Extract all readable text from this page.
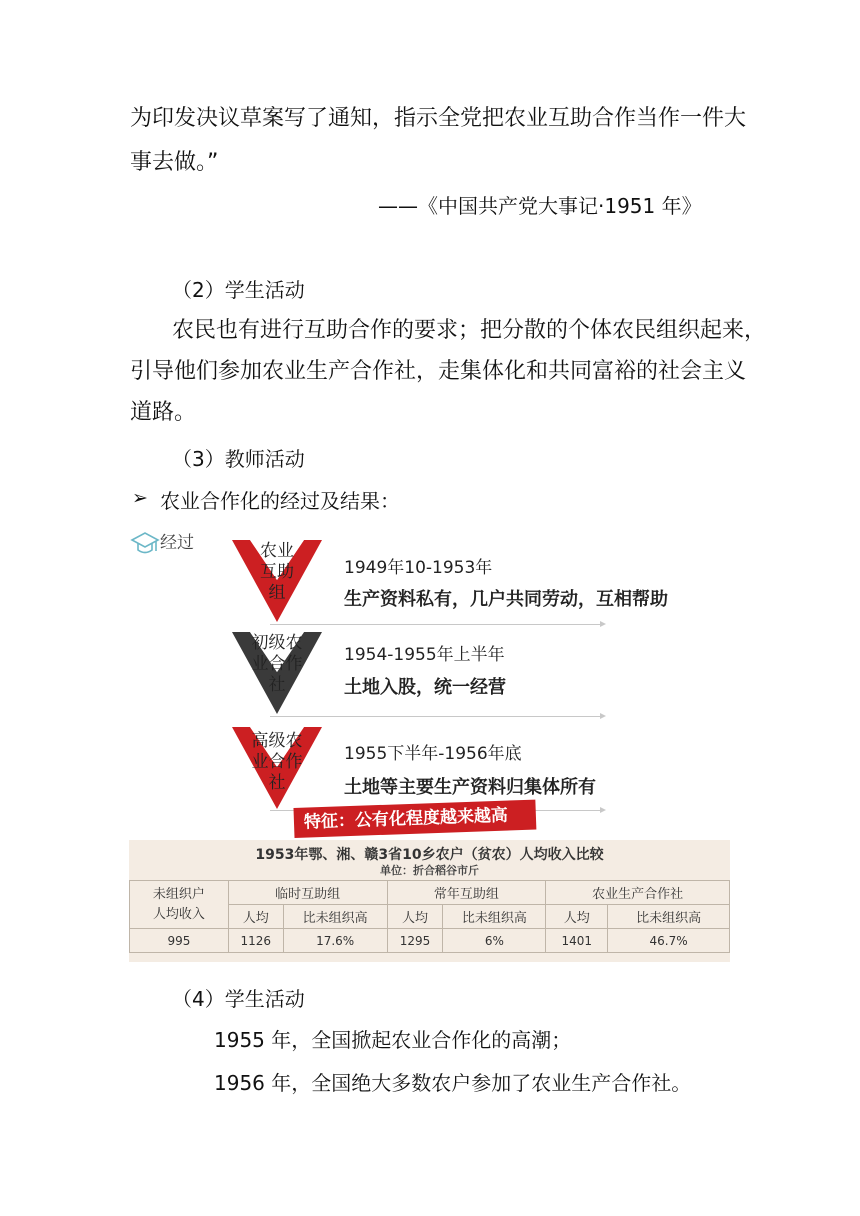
为印发决议草案写了通知，指示全党把农业互助合作当作一件大
事去做。”
——《中国共产党大事记·1951 年》
（2）学生活动
农民也有进行互助合作的要求；把分散的个体农民组织起来，
引导他们参加农业生产合作社，走集体化和共同富裕的社会主义
道路。
（3）教师活动
➢ 农业合作化的经过及结果：
经过	农业
互助
组
1949年10-1953年
生产资料私有，几户共同劳动，互相帮助
初级农
业合作
社
1954-1955年上半年
土地入股，统一经营
高级农
业合作
社
1955下半年-1956年底
土地等主要生产资料归集体所有
特征：公有化程度越来越高
1953年鄂、湘、赣3省10乡农户（贫农）人均收入比较
单位：折合稻谷市斤
未组织户
人均收入	临时互助组		常年互助组		农业生产合作社	
	人均	比未组织高	人均	比未组织高	人均	比未组织高
995	1126	17.6%	1295	6%	1401	46.7%
（4）学生活动
1955 年，全国掀起农业合作化的高潮；
1956 年，全国绝大多数农户参加了农业生产合作社。
